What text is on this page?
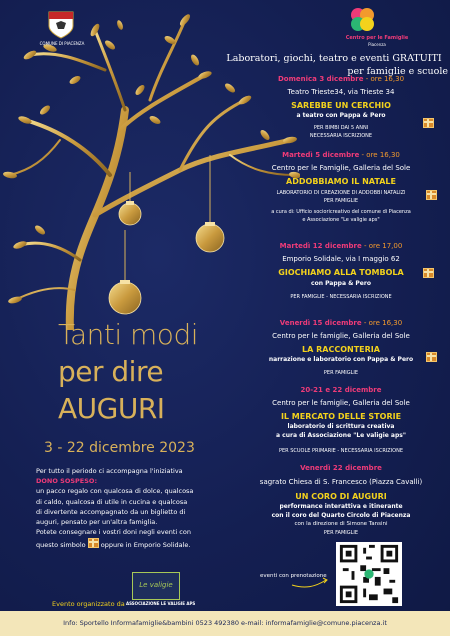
COMUNE DI PIACENZA
Centro per le Famiglie
Piacenza
Laboratori, giochi, teatro e eventi GRATUITI
per famiglie e scuole
Tanti modi
per dire
AUGURI
3 - 22 dicembre 2023
Per tutto il periodo ci accompagna l'iniziativa
DONO SOSPESO:
un pacco regalo con qualcosa di dolce, qualcosa
di caldo, qualcosa di utile in cucina e qualcosa
di divertente accompagnato da un biglietto di
auguri, pensato per un'altra famiglia.
Potete consegnare i vostri doni negli eventi con
questo simbolo oppure in Emporio Solidale.
Evento organizzato da
Le valigie
ASSOCIAZIONE LE VALIGIE APS
Domenica 3 dicembre - ore 16,30
Teatro Trieste34, via Trieste 34
SAREBBE UN CERCHIO
a teatro con Pappa & Pero
PER BIMBI DAI 5 ANNI
NECESSARIA ISCRIZIONE
Martedì 5 dicembre - ore 16,30
Centro per le Famiglie, Galleria del Sole
ADDOBBIAMO IL NATALE
LABORATORIO DI CREAZIONE DI ADDOBBI NATALIZI
PER FAMIGLIE
a cura di: Ufficio socioricreativo del comune di Piacenza
e Associazione "Le valigie aps"
Martedì 12 dicembre - ore 17,00
Emporio Solidale, via I maggio 62
GIOCHIAMO ALLA TOMBOLA
con Pappa & Pero
PER FAMIGLIE - NECESSARIA ISCRIZIONE
Venerdì 15 dicembre - ore 16,30
Centro per le famiglie, Galleria del Sole
LA RACCONTERIA
narrazione e laboratorio con Pappa & Pero
PER FAMIGLIE
20-21 e 22 dicembre
Centro per le famiglie, Galleria del Sole
IL MERCATO DELLE STORIE
laboratorio di scrittura creativa
a cura di Associazione "Le valigie aps"
PER SCUOLE PRIMARIE - NECESSARIA ISCRIZIONE
Venerdì 22 dicembre
sagrato Chiesa di S. Francesco (Piazza Cavalli)
UN CORO DI AUGURI
performance interattiva e itinerante
con il coro del Quarto Circolo di Piacenza
con la direzione di Simone Tansini
PER FAMIGLIE
eventi con prenotazione
Info: Sportello Informafamiglie&bambini 0523 492380 e-mail: informafamiglie@comune.piacenza.it
